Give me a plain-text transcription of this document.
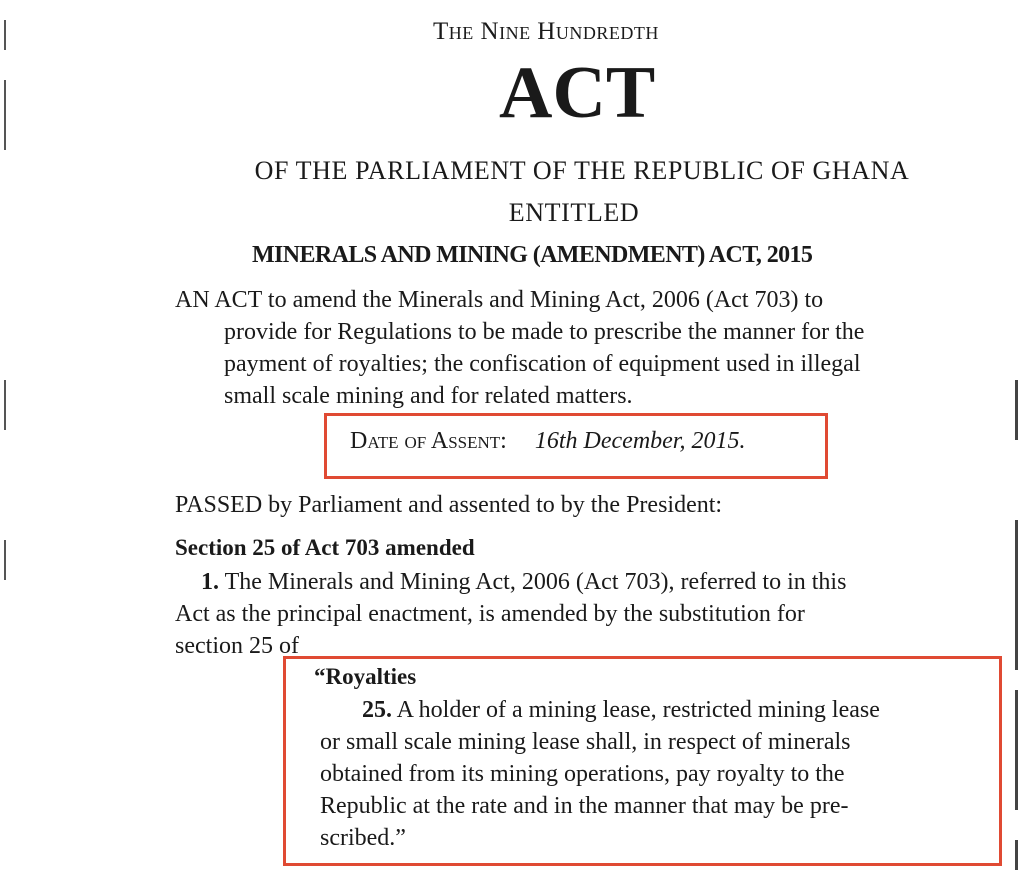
The Nine Hundredth
ACT
OF THE PARLIAMENT OF THE REPUBLIC OF GHANA
ENTITLED
MINERALS AND MINING (AMENDMENT) ACT, 2015
AN ACT to amend the Minerals and Mining Act, 2006 (Act 703) to
provide for Regulations to be made to prescribe the manner for the
payment of royalties; the confiscation of equipment used in illegal
small scale mining and for related matters.
Date of Assent: 16th December, 2015.
PASSED by Parliament and assented to by the President:
Section 25 of Act 703 amended
1. The Minerals and Mining Act, 2006 (Act 703), referred to in this
Act as the principal enactment, is amended by the substitution for
section 25 of
“Royalties
25. A holder of a mining lease, restricted mining lease
or small scale mining lease shall, in respect of minerals
obtained from its mining operations, pay royalty to the
Republic at the rate and in the manner that may be pre-
scribed.”
